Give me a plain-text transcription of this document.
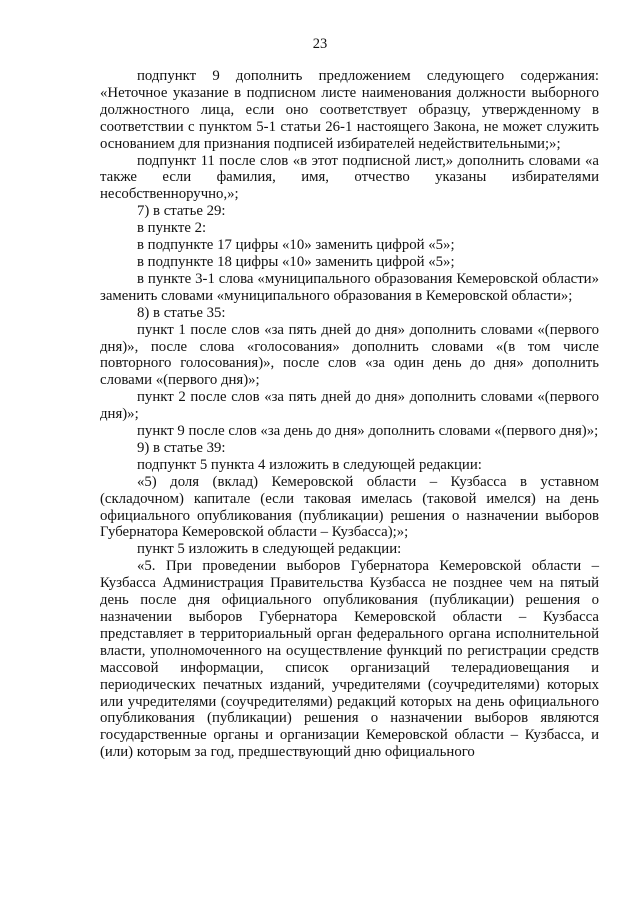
23

подпункт 9 дополнить предложением следующего содержания: «Неточное указание в подписном листе наименования должности выборного должностного лица, если оно соответствует образцу, утвержденному в соответствии с пунктом 5-1 статьи 26-1 настоящего Закона, не может служить основанием для признания подписей избирателей недействительными;»;

подпункт 11 после слов «в этот подписной лист,» дополнить словами «а также если фамилия, имя, отчество указаны избирателями несобственноручно,»;

7) в статье 29:

в пункте 2:

в подпункте 17 цифры «10» заменить цифрой «5»;

в подпункте 18 цифры «10» заменить цифрой «5»;

в пункте 3-1 слова «муниципального образования Кемеровской области» заменить словами «муниципального образования в Кемеровской области»;

8) в статье 35:

пункт 1 после слов «за пять дней до дня» дополнить словами «(первого дня)», после слова «голосования» дополнить словами «(в том числе повторного голосования)», после слов «за один день до дня» дополнить словами «(первого дня)»;

пункт 2 после слов «за пять дней до дня» дополнить словами «(первого дня)»;

пункт 9 после слов «за день до дня» дополнить словами «(первого дня)»;

9) в статье 39:

подпункт 5 пункта 4 изложить в следующей редакции:

«5) доля (вклад) Кемеровской области – Кузбасса в уставном (складочном) капитале (если таковая имелась (таковой имелся) на день официального опубликования (публикации) решения о назначении выборов Губернатора Кемеровской области – Кузбасса);»;

пункт 5 изложить в следующей редакции:

«5. При проведении выборов Губернатора Кемеровской области – Кузбасса Администрация Правительства Кузбасса не позднее чем на пятый день после дня официального опубликования (публикации) решения о назначении выборов Губернатора Кемеровской области – Кузбасса представляет в территориальный орган федерального органа исполнительной власти, уполномоченного на осуществление функций по регистрации средств массовой информации, список организаций телерадиовещания и периодических печатных изданий, учредителями (соучредителями) которых или учредителями (соучредителями) редакций которых на день официального опубликования (публикации) решения о назначении выборов являются государственные органы и организации Кемеровской области – Кузбасса, и (или) которым за год, предшествующий дню официального
